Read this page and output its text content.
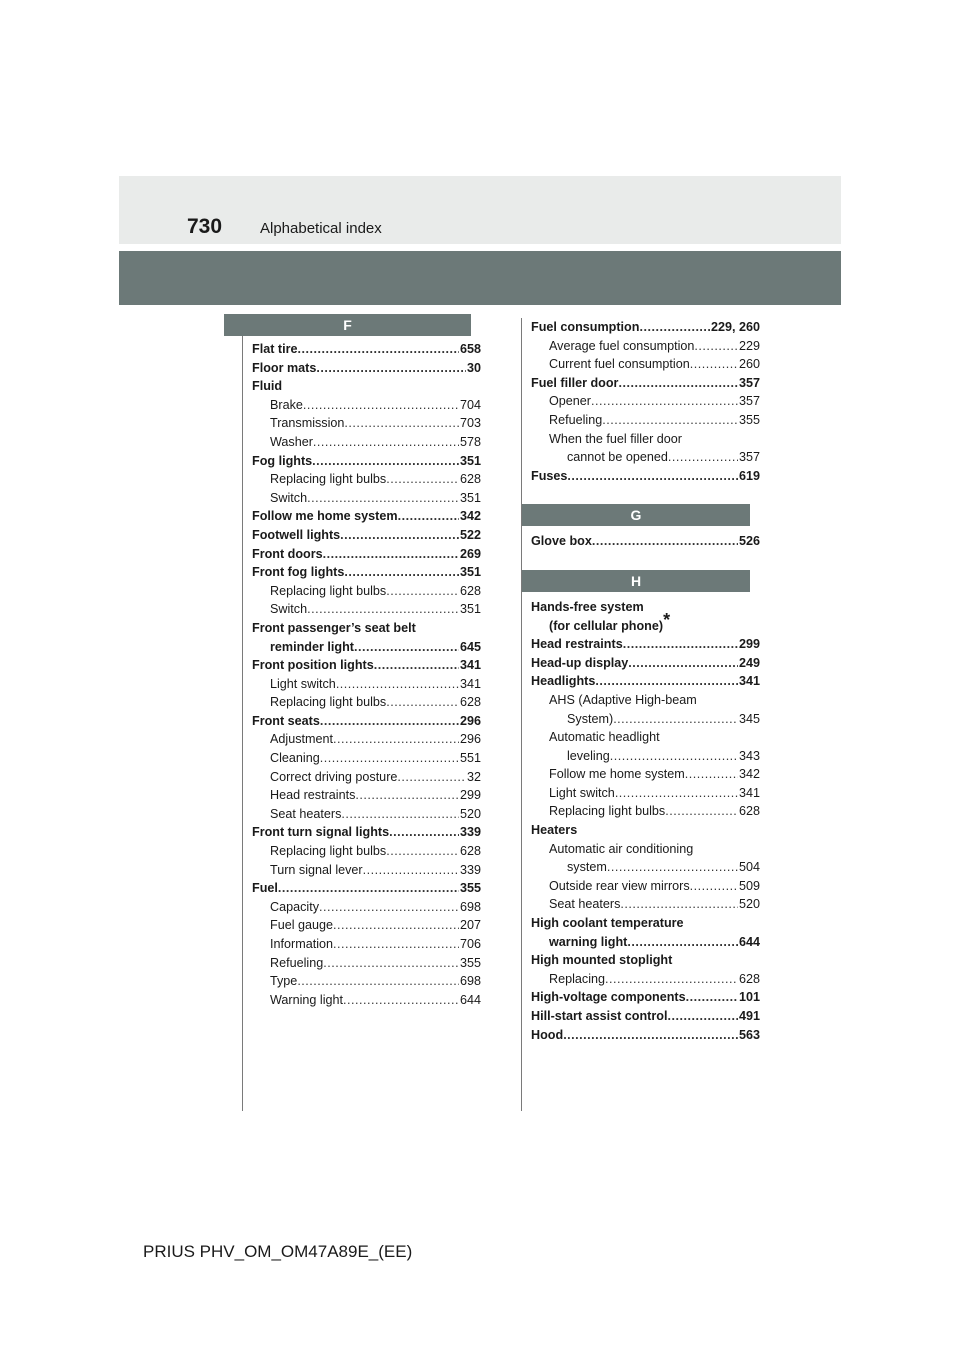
730	Alphabetical index
F
Flat tire .....	658
Floor mats .....	30
Fluid
Brake .....	704
Transmission .....	703
Washer .....	578
Fog lights .....	351
Replacing light bulbs .....	628
Switch .....	351
Follow me home system .....	342
Footwell lights .....	522
Front doors .....	269
Front fog lights .....	351
Replacing light bulbs .....	628
Switch .....	351
Front passenger’s seat belt
reminder light .....	645
Front position lights .....	341
Light switch .....	341
Replacing light bulbs .....	628
Front seats .....	296
Adjustment .....	296
Cleaning .....	551
Correct driving posture .....	32
Head restraints .....	299
Seat heaters .....	520
Front turn signal lights .....	339
Replacing light bulbs .....	628
Turn signal lever .....	339
Fuel .....	355
Capacity .....	698
Fuel gauge .....	207
Information .....	706
Refueling .....	355
Type .....	698
Warning light .....	644
Fuel consumption .....	229, 260
Average fuel consumption .....	229
Current fuel consumption .....	260
Fuel filler door .....	357
Opener .....	357
Refueling .....	355
When the fuel filler door
cannot be opened .....	357
Fuses .....	619
G
Glove box .....	526
H
Hands-free system
(for cellular phone)*
Head restraints .....	299
Head-up display .....	249
Headlights .....	341
AHS (Adaptive High-beam
System) .....	345
Automatic headlight
leveling .....	343
Follow me home system .....	342
Light switch .....	341
Replacing light bulbs .....	628
Heaters
Automatic air conditioning
system .....	504
Outside rear view mirrors .....	509
Seat heaters .....	520
High coolant temperature
warning light .....	644
High mounted stoplight
Replacing .....	628
High-voltage components .....	101
Hill-start assist control .....	491
Hood .....	563
PRIUS PHV_OM_OM47A89E_(EE)
